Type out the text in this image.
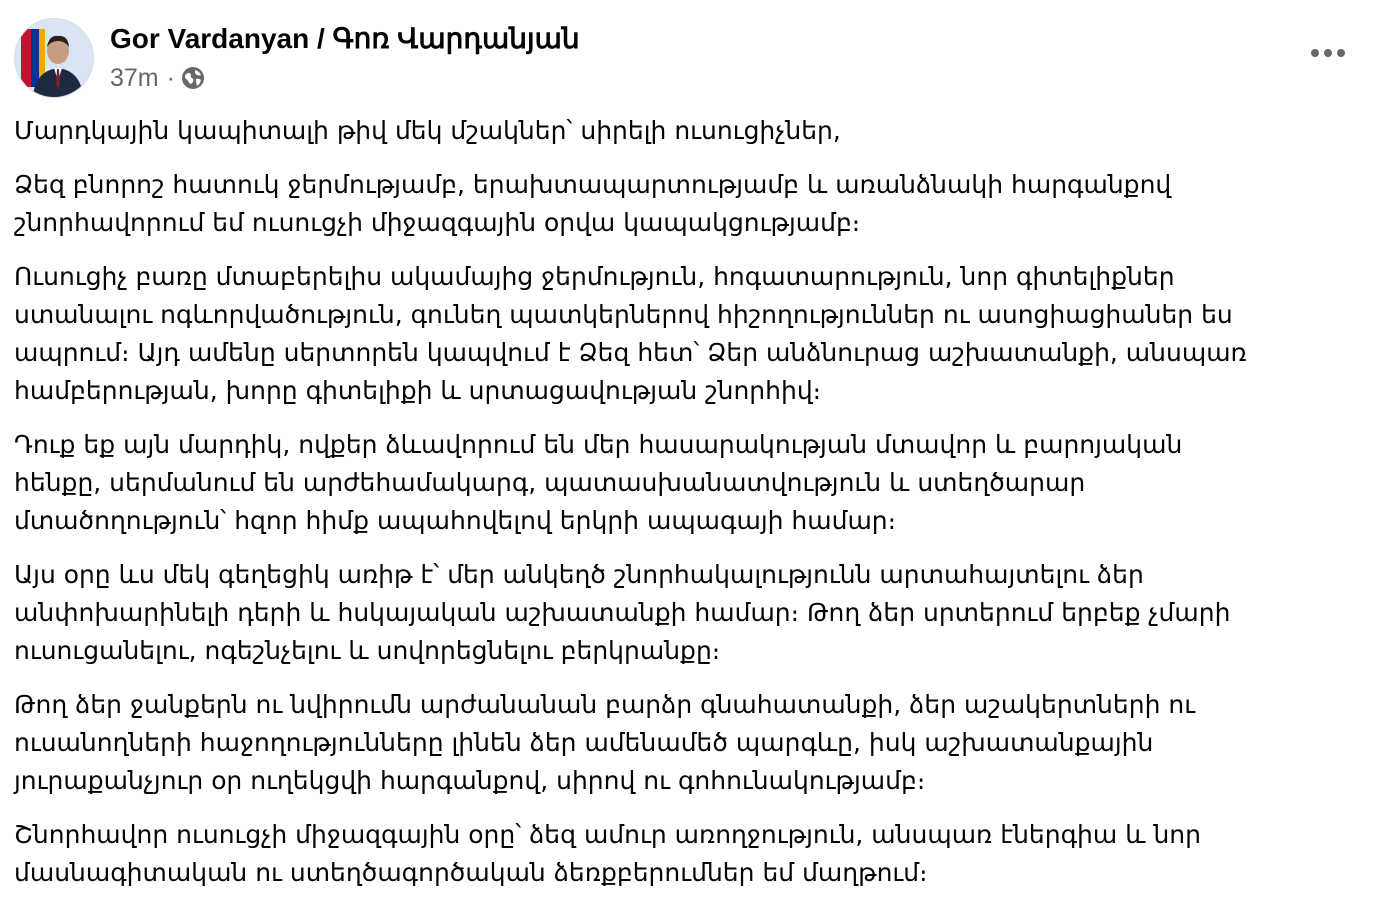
Gor Vardanyan / Գոռ Վարդանյան
37m ·

Մարդկային կապիտալի թիվ մեկ մշակներ՝ սիրելի ուսուցիչներ,

Ձեզ բնորոշ հատուկ ջերմությամբ, երախտապարտությամբ և առանձնակի հարգանքով
շնորհավորում եմ ուսուցչի միջազգային օրվա կապակցությամբ։

Ուսուցիչ բառը մտաբերելիս ակամայից ջերմություն, հոգատարություն, նոր գիտելիքներ
ստանալու ոգևորվածություն, գունեղ պատկերներով հիշողություններ ու ասոցիացիաներ ես
ապրում։ Այդ ամենը սերտորեն կապվում է Ձեզ հետ՝ Ձեր անձնուրաց աշխատանքի, անսպառ
համբերության, խորը գիտելիքի և սրտացավության շնորհիվ։

Դուք եք այն մարդիկ, ովքեր ձևավորում են մեր հասարակության մտավոր և բարոյական
հենքը, սերմանում են արժեհամակարգ, պատասխանատվություն և ստեղծարար
մտածողություն՝ հզոր հիմք ապահովելով երկրի ապագայի համար։

Այս օրը ևս մեկ գեղեցիկ առիթ է՝ մեր անկեղծ շնորհակալությունն արտահայտելու ձեր
անփոխարինելի դերի և հսկայական աշխատանքի համար։ Թող ձեր սրտերում երբեք չմարի
ուսուցանելու, ոգեշնչելու և սովորեցնելու բերկրանքը։

Թող ձեր ջանքերն ու նվիրումն արժանանան բարձր գնահատանքի, ձեր աշակերտների ու
ուսանողների հաջողությունները լինեն ձեր ամենամեծ պարգևը, իսկ աշխատանքային
յուրաքանչյուր օր ուղեկցվի հարգանքով, սիրով ու գոհունակությամբ։

Շնորհավոր ուսուցչի միջազգային օրը՝ ձեզ ամուր առողջություն, անսպառ էներգիա և նոր
մասնագիտական ու ստեղծագործական ձեռքբերումներ եմ մաղթում։
